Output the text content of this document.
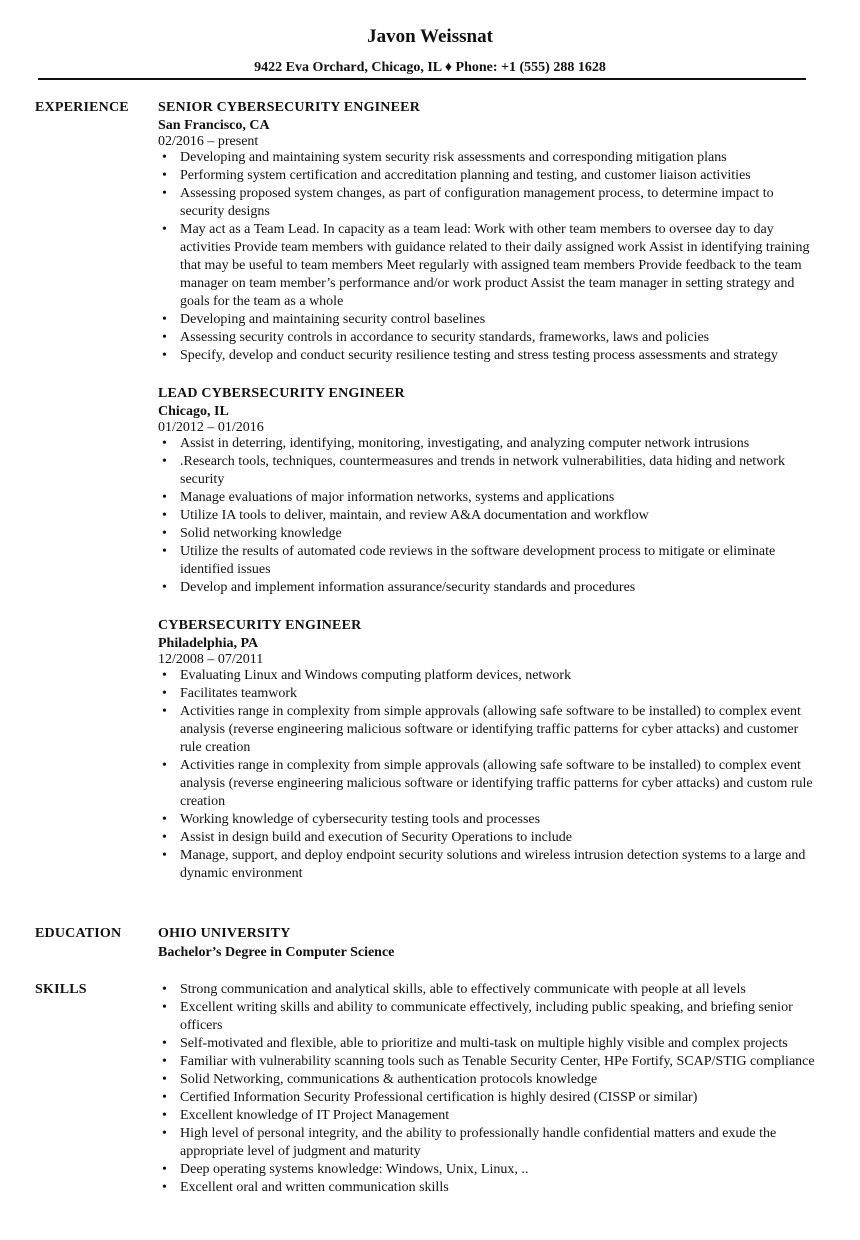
Javon Weissnat
9422 Eva Orchard, Chicago, IL ♦ Phone: +1 (555) 288 1628
EXPERIENCE SENIOR CYBERSECURITY ENGINEER
San Francisco, CA
02/2016 – present
• Developing and maintaining system security risk assessments and corresponding mitigation plans
• Performing system certification and accreditation planning and testing, and customer liaison activities
• Assessing proposed system changes, as part of configuration management process, to determine impact to security designs
• May act as a Team Lead. In capacity as a team lead: Work with other team members to oversee day to day activities Provide team members with guidance related to their daily assigned work Assist in identifying training that may be useful to team members Meet regularly with assigned team members Provide feedback to the team manager on team member’s performance and/or work product Assist the team manager in setting strategy and goals for the team as a whole
• Developing and maintaining security control baselines
• Assessing security controls in accordance to security standards, frameworks, laws and policies
• Specify, develop and conduct security resilience testing and stress testing process assessments and strategy
LEAD CYBERSECURITY ENGINEER
Chicago, IL
01/2012 – 01/2016
• Assist in deterring, identifying, monitoring, investigating, and analyzing computer network intrusions
• .Research tools, techniques, countermeasures and trends in network vulnerabilities, data hiding and network security
• Manage evaluations of major information networks, systems and applications
• Utilize IA tools to deliver, maintain, and review A&A documentation and workflow
• Solid networking knowledge
• Utilize the results of automated code reviews in the software development process to mitigate or eliminate identified issues
• Develop and implement information assurance/security standards and procedures
CYBERSECURITY ENGINEER
Philadelphia, PA
12/2008 – 07/2011
• Evaluating Linux and Windows computing platform devices, network
• Facilitates teamwork
• Activities range in complexity from simple approvals (allowing safe software to be installed) to complex event analysis (reverse engineering malicious software or identifying traffic patterns for cyber attacks) and customer rule creation
• Activities range in complexity from simple approvals (allowing safe software to be installed) to complex event analysis (reverse engineering malicious software or identifying traffic patterns for cyber attacks) and custom rule creation
• Working knowledge of cybersecurity testing tools and processes
• Assist in design build and execution of Security Operations to include
• Manage, support, and deploy endpoint security solutions and wireless intrusion detection systems to a large and dynamic environment
EDUCATION	OHIO UNIVERSITY
Bachelor’s Degree in Computer Science
SKILLS
•	Strong communication and analytical skills, able to effectively communicate with people at all levels
• Excellent writing skills and ability to communicate effectively, including public speaking, and briefing senior officers
• Self-motivated and flexible, able to prioritize and multi-task on multiple highly visible and complex projects
• Familiar with vulnerability scanning tools such as Tenable Security Center, HPe Fortify, SCAP/STIG compliance
• Solid Networking, communications & authentication protocols knowledge
• Certified Information Security Professional certification is highly desired (CISSP or similar)
• Excellent knowledge of IT Project Management
• High level of personal integrity, and the ability to professionally handle confidential matters and exude the appropriate level of judgment and maturity
• Deep operating systems knowledge: Windows, Unix, Linux, ..
• Excellent oral and written communication skills
